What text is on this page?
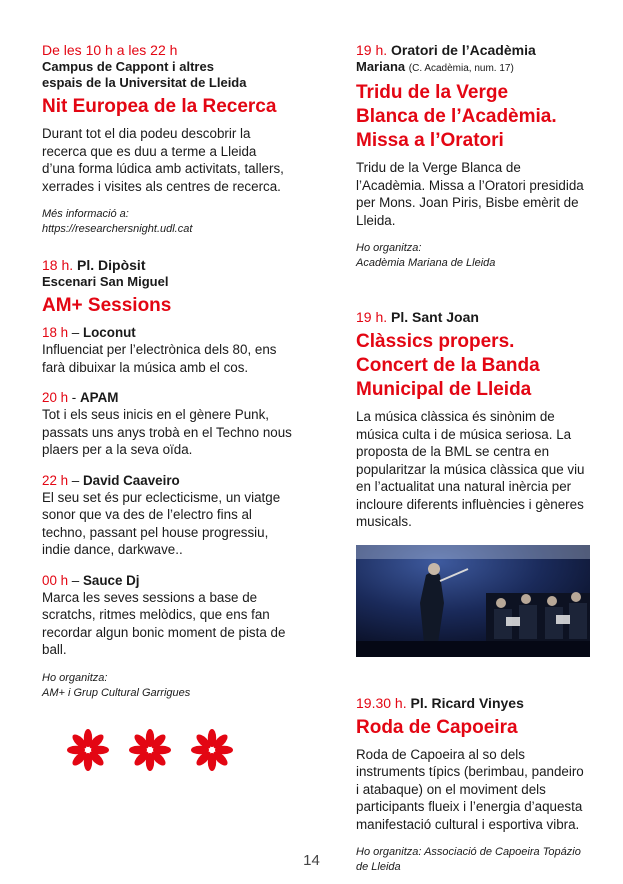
De les 10 h a les 22 h
Campus de Cappont i altres
espais de la Universitat de Lleida
Nit Europea de la Recerca
Durant tot el dia podeu descobrir la recerca que es duu a terme a Lleida d’una forma lúdica amb activitats, tallers, xerrades i visites als centres de recerca.
Més informació a:
https://researchersnight.udl.cat
18 h. Pl. Dipòsit
Escenari San Miguel
AM+ Sessions
18 h – Loconut
Influenciat per l’electrònica dels 80, ens farà dibuixar la música amb el cos.
20 h - APAM
Tot i els seus inicis en el gènere Punk, passats uns anys trobà en el Techno nous plaers per a la seva oïda.
22 h – David Caaveiro
El seu set és pur eclecticisme, un viatge sonor que va des de l’electro fins al techno, passant pel house progressiu, indie dance, darkwave..
00 h – Sauce Dj
Marca les seves sessions a base de scratchs, ritmes melòdics, que ens fan recordar algun bonic moment de pista de ball.
Ho organitza:
AM+ i Grup Cultural Garrigues
19 h. Oratori de l’Acadèmia
Mariana (C. Acadèmia, num. 17)
Tridu de la Verge
Blanca de l’Acadèmia.
Missa a l’Oratori
Tridu de la Verge Blanca de l’Acadèmia. Missa a l’Oratori presidida per Mons. Joan Piris, Bisbe emèrit de Lleida.
Ho organitza:
Acadèmia Mariana de Lleida
19 h. Pl. Sant Joan
Clàssics propers.
Concert de la Banda
Municipal de Lleida
La música clàssica és sinònim de música culta i de música seriosa. La proposta de la BML se centra en popularitzar la música clàssica que viu en l’actualitat una natural inèrcia per incloure diferents influències i gèneres musicals.
19.30 h. Pl. Ricard Vinyes
Roda de Capoeira
Roda de Capoeira al so dels instruments típics (berimbau, pandeiro i atabaque) on el moviment dels participants flueix i l’energia d’aquesta manifestació cultural i esportiva vibra.
Ho organitza: Associació de Capoeira Topázio de Lleida
14
